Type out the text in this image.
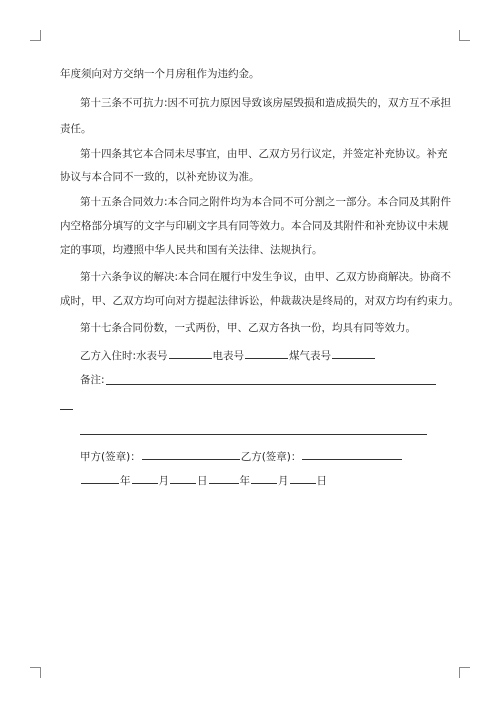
年度须向对方交纳一个月房租作为违约金。
第十三条不可抗力:因不可抗力原因导致该房屋毁损和造成损失的，双方互不承担
责任。
第十四条其它本合同未尽事宜，由甲、乙双方另行议定，并签定补充协议。补充
协议与本合同不一致的，以补充协议为准。
第十五条合同效力:本合同之附件均为本合同不可分割之一部分。本合同及其附件
内空格部分填写的文字与印刷文字具有同等效力。本合同及其附件和补充协议中未规
定的事项，均遵照中华人民共和国有关法律、法规执行。
第十六条争议的解决:本合同在履行中发生争议，由甲、乙双方协商解决。协商不
成时，甲、乙双方均可向对方提起法律诉讼，仲裁裁决是终局的，对双方均有约束力。
第十七条合同份数，一式两份，甲、乙双方各执一份，均具有同等效力。
乙方入住时:水表号	电表号	煤气表号
备注:
甲方(签章)：	乙方(签章)：
年	月	日	年	月	日
